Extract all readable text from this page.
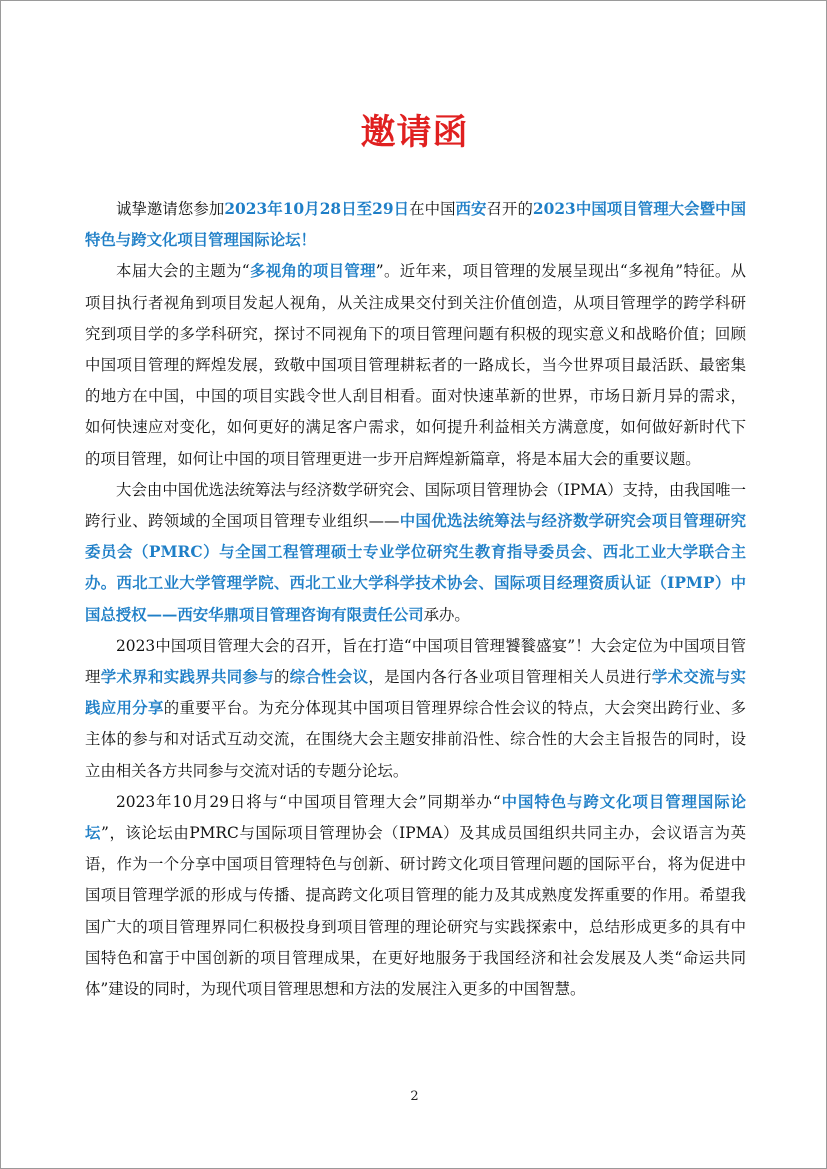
邀请函

诚挚邀请您参加2023年10月28日至29日在中国西安召开的2023中国项目管理大会暨中国特色与跨文化项目管理国际论坛！

本届大会的主题为“多视角的项目管理”。近年来，项目管理的发展呈现出“多视角”特征。从项目执行者视角到项目发起人视角，从关注成果交付到关注价值创造，从项目管理学的跨学科研究到项目学的多学科研究，探讨不同视角下的项目管理问题有积极的现实意义和战略价值；回顾中国项目管理的辉煌发展，致敬中国项目管理耕耘者的一路成长，当今世界项目最活跃、最密集的地方在中国，中国的项目实践令世人刮目相看。面对快速革新的世界，市场日新月异的需求，如何快速应对变化，如何更好的满足客户需求，如何提升利益相关方满意度，如何做好新时代下的项目管理，如何让中国的项目管理更进一步开启辉煌新篇章，将是本届大会的重要议题。

大会由中国优选法统筹法与经济数学研究会、国际项目管理协会（IPMA）支持，由我国唯一跨行业、跨领域的全国项目管理专业组织——中国优选法统筹法与经济数学研究会项目管理研究委员会（PMRC）与全国工程管理硕士专业学位研究生教育指导委员会、西北工业大学联合主办。西北工业大学管理学院、西北工业大学科学技术协会、国际项目经理资质认证（IPMP）中国总授权——西安华鼎项目管理咨询有限责任公司承办。

2023中国项目管理大会的召开，旨在打造“中国项目管理饕餮盛宴”！大会定位为中国项目管理学术界和实践界共同参与的综合性会议，是国内各行各业项目管理相关人员进行学术交流与实践应用分享的重要平台。为充分体现其中国项目管理界综合性会议的特点，大会突出跨行业、多主体的参与和对话式互动交流，在围绕大会主题安排前沿性、综合性的大会主旨报告的同时，设立由相关各方共同参与交流对话的专题分论坛。

2023年10月29日将与“中国项目管理大会”同期举办“中国特色与跨文化项目管理国际论坛”，该论坛由PMRC与国际项目管理协会（IPMA）及其成员国组织共同主办，会议语言为英语，作为一个分享中国项目管理特色与创新、研讨跨文化项目管理问题的国际平台，将为促进中国项目管理学派的形成与传播、提高跨文化项目管理的能力及其成熟度发挥重要的作用。希望我国广大的项目管理界同仁积极投身到项目管理的理论研究与实践探索中，总结形成更多的具有中国特色和富于中国创新的项目管理成果，在更好地服务于我国经济和社会发展及人类“命运共同体”建设的同时，为现代项目管理思想和方法的发展注入更多的中国智慧。

2
